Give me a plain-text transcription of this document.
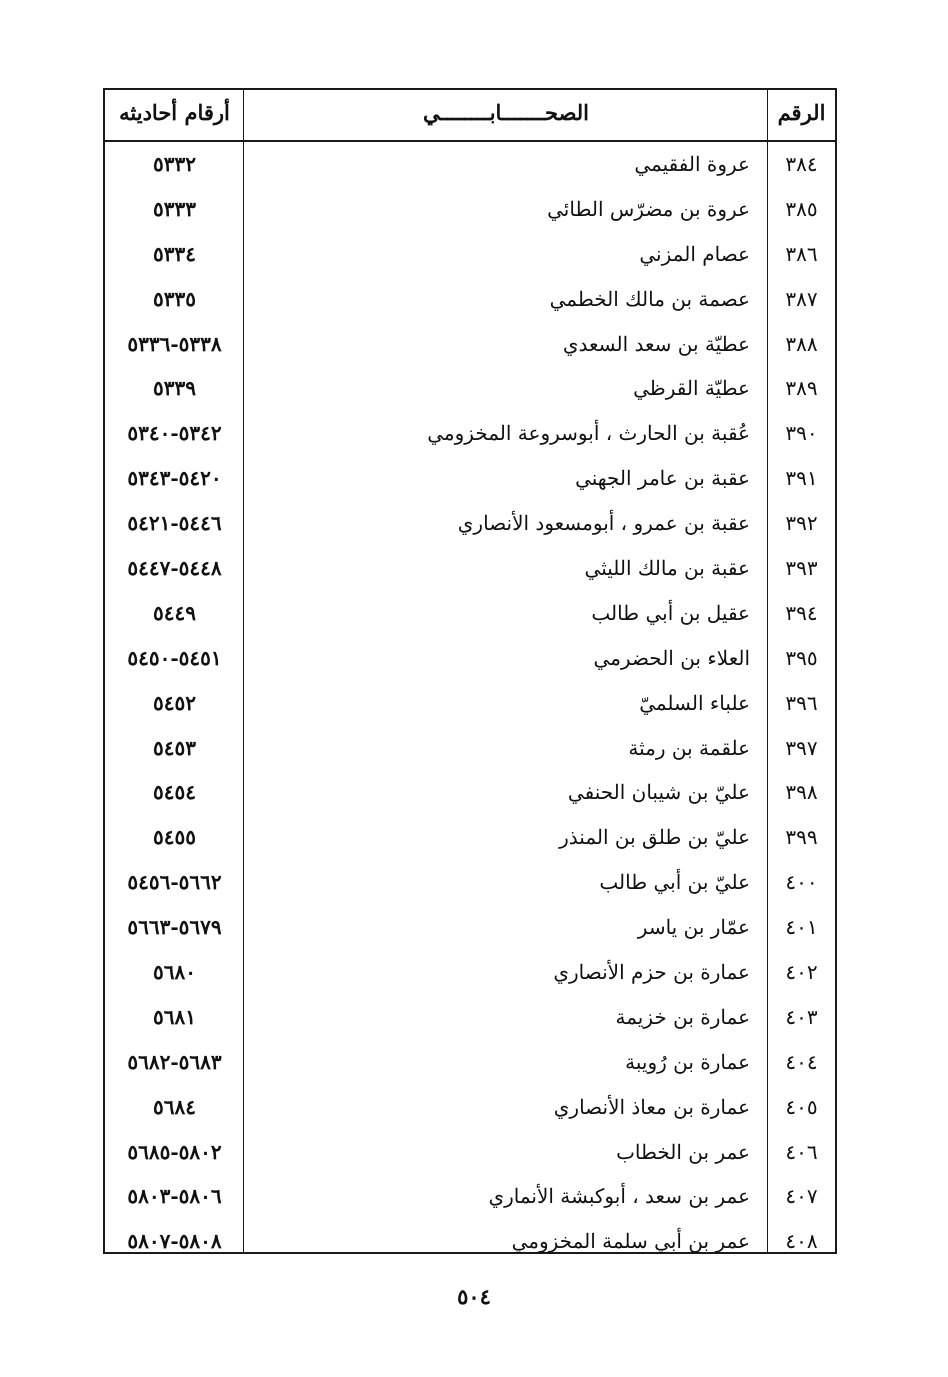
الرقم
الصحـــــــابــــــــي
أرقام أحاديثه
٣٨٤
عروة الفقيمي
٥٣٣٢
٣٨٥
عروة بن مضرّس الطائي
٥٣٣٣
٣٨٦
عصام المزني
٥٣٣٤
٣٨٧
عصمة بن مالك الخطمي
٥٣٣٥
٣٨٨
عطيّة بن سعد السعدي
٥٣٣٨-٥٣٣٦
٣٨٩
عطيّة القرظي
٥٣٣٩
٣٩٠
عُقبة بن الحارث ، أبوسروعة المخزومي
٥٣٤٢-٥٣٤٠
٣٩١
عقبة بن عامر الجهني
٥٤٢٠-٥٣٤٣
٣٩٢
عقبة بن عمرو ، أبومسعود الأنصاري
٥٤٤٦-٥٤٢١
٣٩٣
عقبة بن مالك الليثي
٥٤٤٨-٥٤٤٧
٣٩٤
عقيل بن أبي طالب
٥٤٤٩
٣٩٥
العلاء بن الحضرمي
٥٤٥١-٥٤٥٠
٣٩٦
علباء السلميّ
٥٤٥٢
٣٩٧
علقمة بن رمثة
٥٤٥٣
٣٩٨
عليّ بن شيبان الحنفي
٥٤٥٤
٣٩٩
عليّ بن طلق بن المنذر
٥٤٥٥
٤٠٠
عليّ بن أبي طالب
٥٦٦٢-٥٤٥٦
٤٠١
عمّار بن ياسر
٥٦٧٩-٥٦٦٣
٤٠٢
عمارة بن حزم الأنصاري
٥٦٨٠
٤٠٣
عمارة بن خزيمة
٥٦٨١
٤٠٤
عمارة بن رُويبة
٥٦٨٣-٥٦٨٢
٤٠٥
عمارة بن معاذ الأنصاري
٥٦٨٤
٤٠٦
عمر بن الخطاب
٥٨٠٢-٥٦٨٥
٤٠٧
عمر بن سعد ، أبوكبشة الأنماري
٥٨٠٦-٥٨٠٣
٤٠٨
عمر بن أبي سلمة المخزومي
٥٨٠٨-٥٨٠٧
٥٠٤
